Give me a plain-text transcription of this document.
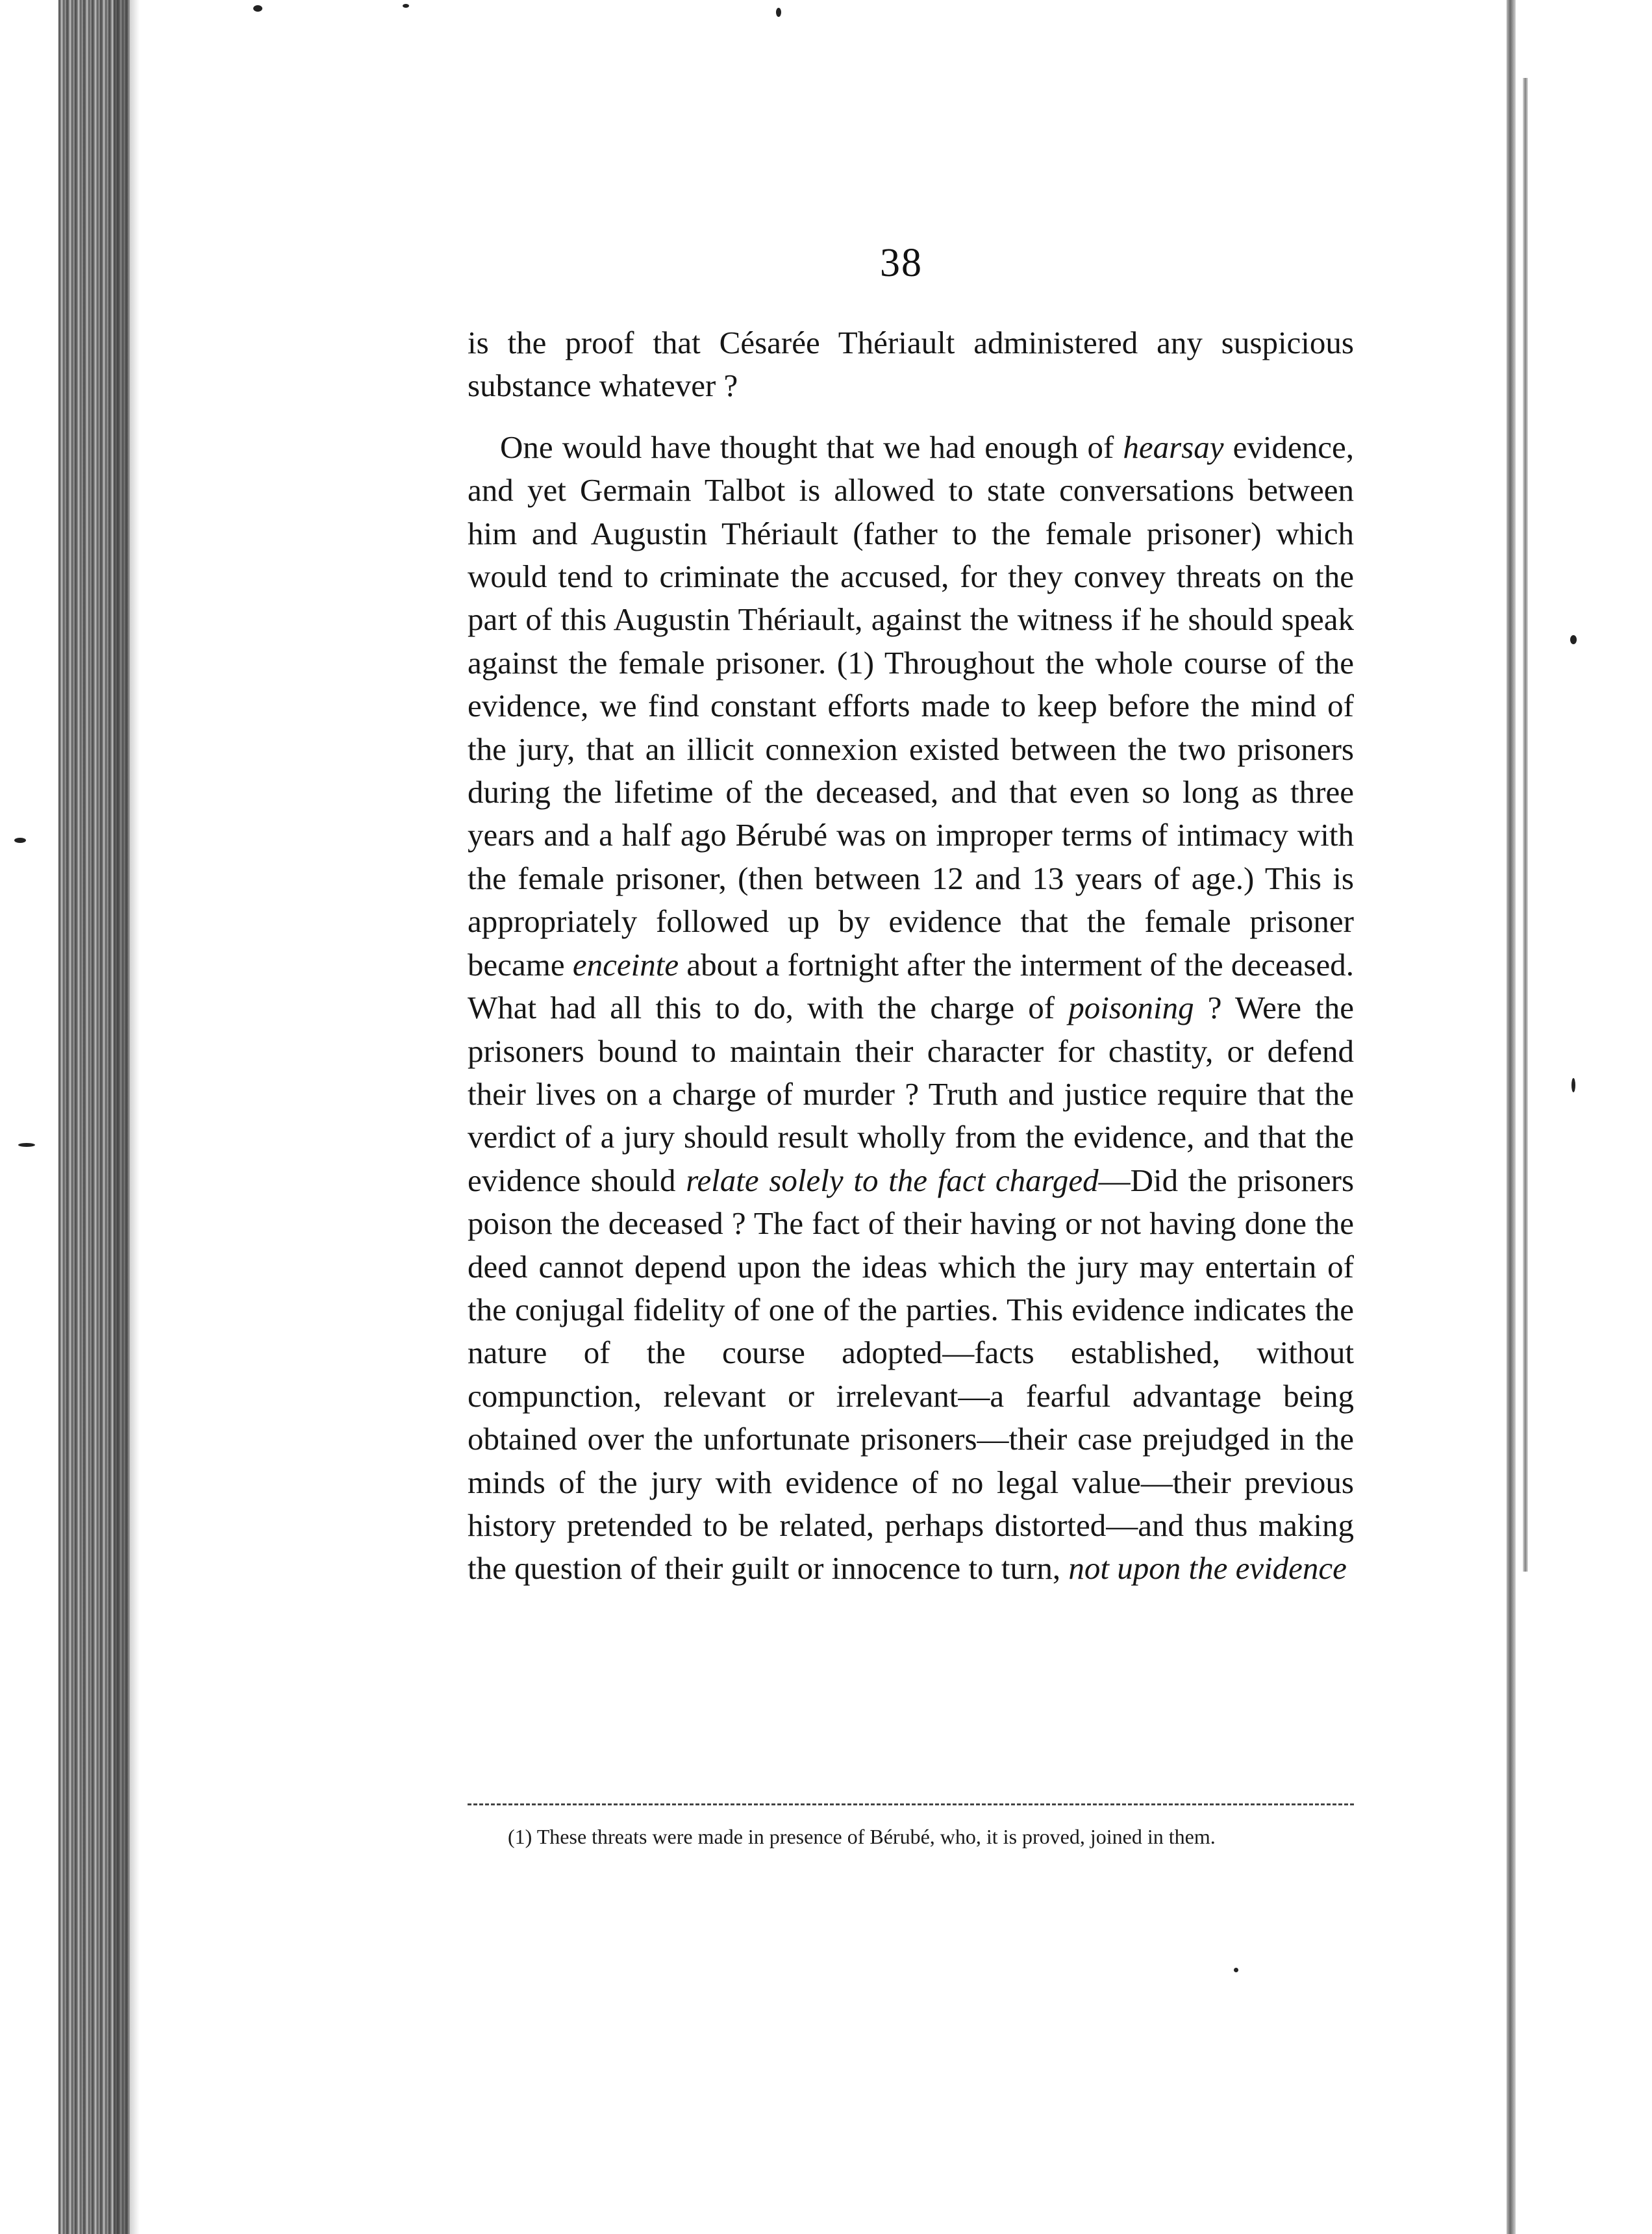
38

is the proof that Césarée Thériault administered any suspicious substance whatever ?

One would have thought that we had enough of hearsay evidence, and yet Germain Talbot is allowed to state conversations between him and Augustin Thériault (father to the female prisoner) which would tend to criminate the accused, for they convey threats on the part of this Augustin Thériault, against the witness if he should speak against the female prisoner. (1) Throughout the whole course of the evidence, we find constant efforts made to keep before the mind of the jury, that an illicit connexion existed between the two prisoners during the lifetime of the deceased, and that even so long as three years and a half ago Bérubé was on improper terms of intimacy with the female prisoner, (then between 12 and 13 years of age.) This is appropriately followed up by evidence that the female prisoner became enceinte about a fortnight after the interment of the deceased. What had all this to do, with the charge of poisoning ? Were the prisoners bound to maintain their character for chastity, or defend their lives on a charge of murder ? Truth and justice require that the verdict of a jury should result wholly from the evidence, and that the evidence should relate solely to the fact charged—Did the prisoners poison the deceased ? The fact of their having or not having done the deed cannot depend upon the ideas which the jury may entertain of the conjugal fidelity of one of the parties. This evidence indicates the nature of the course adopted—facts established, without compunction, relevant or irrelevant—a fearful advantage being obtained over the unfortunate prisoners—their case prejudged in the minds of the jury with evidence of no legal value—their previous history pretended to be related, perhaps distorted—and thus making the question of their guilt or innocence to turn, not upon the evidence

(1) These threats were made in presence of Bérubé, who, it is proved, joined in them.
